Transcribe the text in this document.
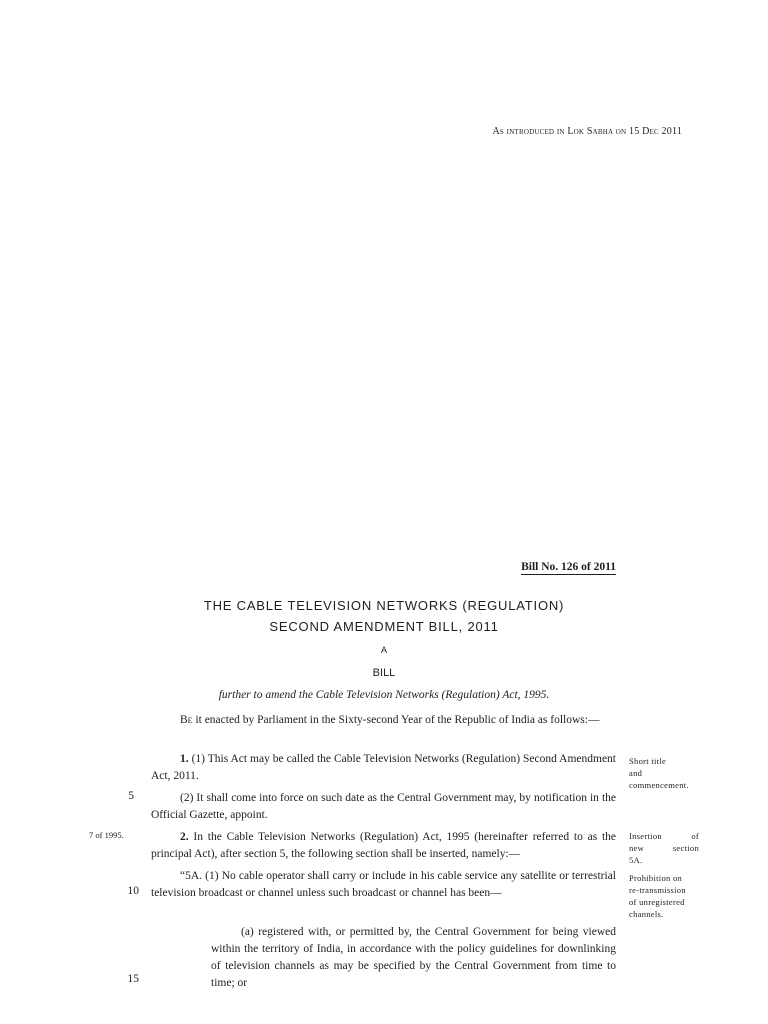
As introduced in Lok Sabha on 15 Dec 2011
Bill No. 126 of 2011
THE CABLE TELEVISION NETWORKS (REGULATION)
SECOND AMENDMENT BILL, 2011
A
BILL
further to amend the Cable Television Networks (Regulation) Act, 1995.
Be it enacted by Parliament in the Sixty-second Year of the Republic of India as follows:—
1. (1) This Act may be called the Cable Television Networks (Regulation) Second Amendment Act, 2011.
(2) It shall come into force on such date as the Central Government may, by notification in the Official Gazette, appoint.
2. In the Cable Television Networks (Regulation) Act, 1995 (hereinafter referred to as the principal Act), after section 5, the following section shall be inserted, namely:—
“5A. (1) No cable operator shall carry or include in his cable service any satellite or terrestrial television broadcast or channel unless such broadcast or channel has been—
(a) registered with, or permitted by, the Central Government for being viewed within the territory of India, in accordance with the policy guidelines for downlinking of television channels as may be specified by the Central Government from time to time; or
5
10
15
7 of 1995.
Short title
and
commencement.
Insertion	of
new	section
5A.
Prohibition on
re-transmission
of unregistered
channels.
